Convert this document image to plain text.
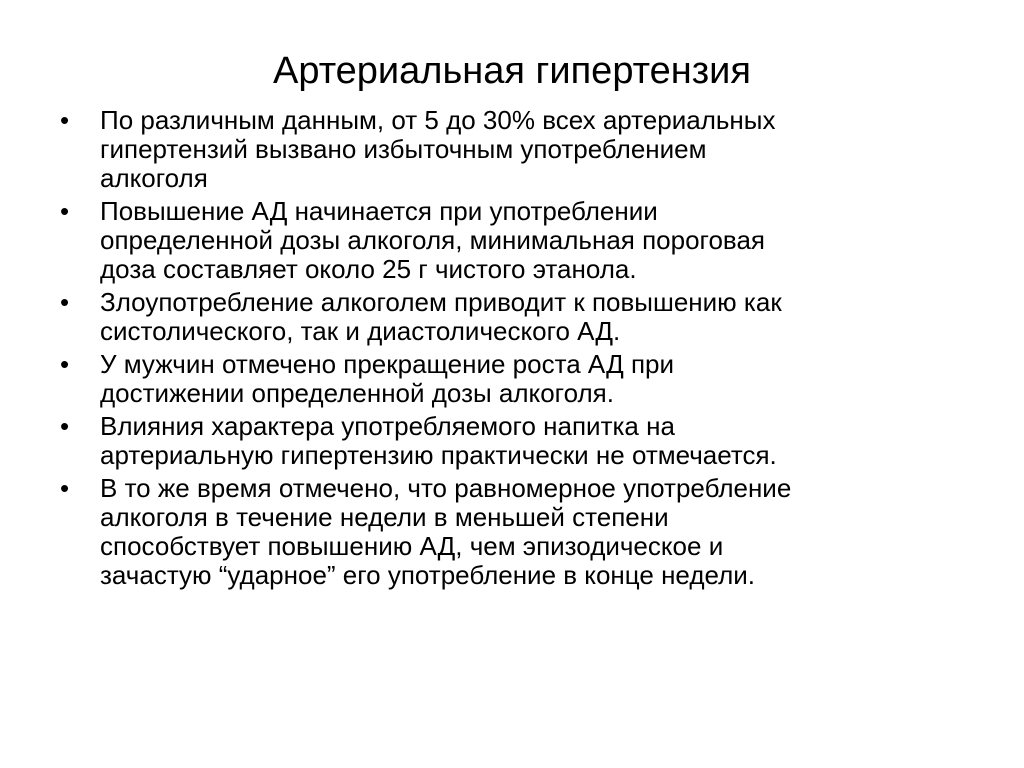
Артериальная гипертензия
• По различным данным, от 5 до 30% всех артериальных
гипертензий вызвано избыточным употреблением
алкоголя
• Повышение АД начинается при употреблении
определенной дозы алкоголя, минимальная пороговая
доза составляет около 25 г чистого этанола.
• Злоупотребление алкоголем приводит к повышению как
систолического, так и диастолического АД.
• У мужчин отмечено прекращение роста АД при
достижении определенной дозы алкоголя.
• Влияния характера употребляемого напитка на
артериальную гипертензию практически не отмечается.
• В то же время отмечено, что равномерное употребление
алкоголя в течение недели в меньшей степени
способствует повышению АД, чем эпизодическое и
зачастую “ударное” его употребление в конце недели.
